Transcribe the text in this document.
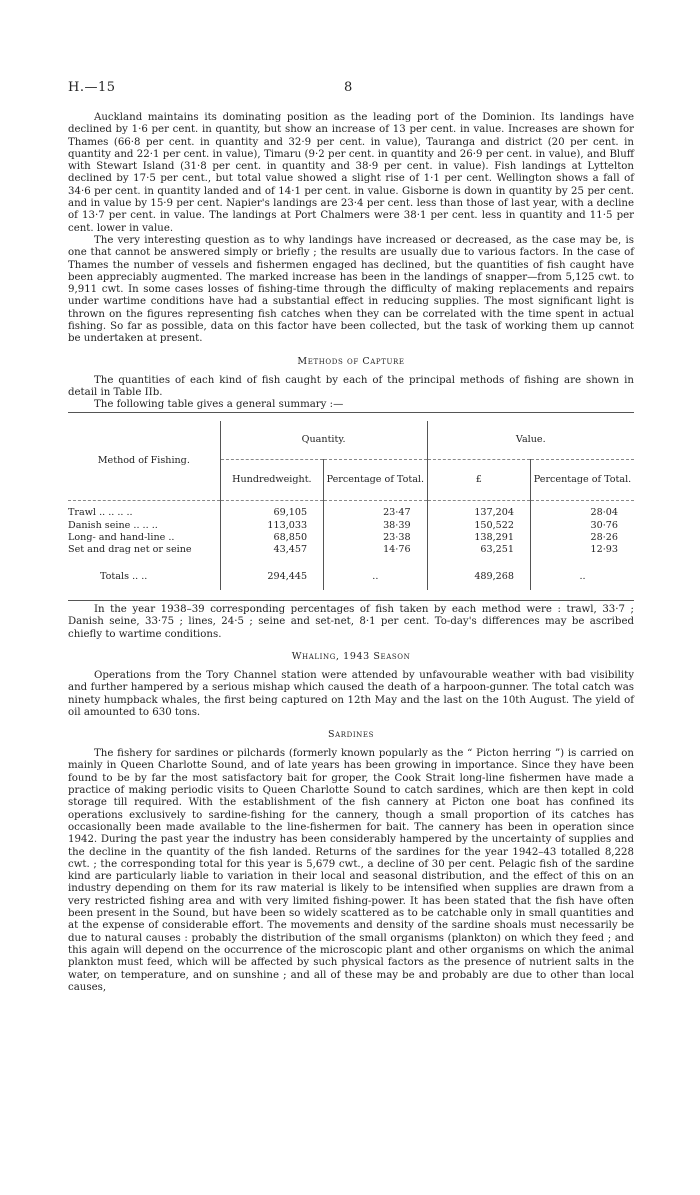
H.—15	8

Auckland maintains its dominating position as the leading port of the Dominion. Its landings have declined by 1·6 per cent. in quantity, but show an increase of 13 per cent. in value. Increases are shown for Thames (66·8 per cent. in quantity and 32·9 per cent. in value), Tauranga and district (20 per cent. in quantity and 22·1 per cent. in value), Timaru (9·2 per cent. in quantity and 26·9 per cent. in value), and Bluff with Stewart Island (31·8 per cent. in quantity and 38·9 per cent. in value). Fish landings at Lyttelton declined by 17·5 per cent., but total value showed a slight rise of 1·1 per cent. Wellington shows a fall of 34·6 per cent. in quantity landed and of 14·1 per cent. in value. Gisborne is down in quantity by 25 per cent. and in value by 15·9 per cent. Napier's landings are 23·4 per cent. less than those of last year, with a decline of 13·7 per cent. in value. The landings at Port Chalmers were 38·1 per cent. less in quantity and 11·5 per cent. lower in value.

The very interesting question as to why landings have increased or decreased, as the case may be, is one that cannot be answered simply or briefly ; the results are usually due to various factors. In the case of Thames the number of vessels and fishermen engaged has declined, but the quantities of fish caught have been appreciably augmented. The marked increase has been in the landings of snapper—from 5,125 cwt. to 9,911 cwt. In some cases losses of fishing-time through the difficulty of making replacements and repairs under wartime conditions have had a substantial effect in reducing supplies. The most significant light is thrown on the figures representing fish catches when they can be correlated with the time spent in actual fishing. So far as possible, data on this factor have been collected, but the task of working them up cannot be undertaken at present.

Methods of Capture

The quantities of each kind of fish caught by each of the principal methods of fishing are shown in detail in Table IIb.

The following table gives a general summary :—

Method of Fishing.	Quantity.		Value.	
	Hundredweight.	Percentage of Total.	£	Percentage of Total.
Trawl .. .. .. ..	69,105	23·47	137,204	28·04
Danish seine .. .. ..	113,033	38·39	150,522	30·76
Long- and hand-line ..	68,850	23·38	138,291	28·26
Set and drag net or seine	43,457	14·76	63,251	12·93
Totals .. ..	294,445	..	489,268	..

In the year 1938–39 corresponding percentages of fish taken by each method were : trawl, 33·7 ; Danish seine, 33·75 ; lines, 24·5 ; seine and set-net, 8·1 per cent. To-day's differences may be ascribed chiefly to wartime conditions.

Whaling, 1943 Season

Operations from the Tory Channel station were attended by unfavourable weather with bad visibility and further hampered by a serious mishap which caused the death of a harpoon-gunner. The total catch was ninety humpback whales, the first being captured on 12th May and the last on the 10th August. The yield of oil amounted to 630 tons.

Sardines

The fishery for sardines or pilchards (formerly known popularly as the “ Picton herring ”) is carried on mainly in Queen Charlotte Sound, and of late years has been growing in importance. Since they have been found to be by far the most satisfactory bait for groper, the Cook Strait long-line fishermen have made a practice of making periodic visits to Queen Charlotte Sound to catch sardines, which are then kept in cold storage till required. With the establishment of the fish cannery at Picton one boat has confined its operations exclusively to sardine-fishing for the cannery, though a small proportion of its catches has occasionally been made available to the line-fishermen for bait. The cannery has been in operation since 1942. During the past year the industry has been considerably hampered by the uncertainty of supplies and the decline in the quantity of the fish landed. Returns of the sardines for the year 1942–43 totalled 8,228 cwt. ; the corresponding total for this year is 5,679 cwt., a decline of 30 per cent. Pelagic fish of the sardine kind are particularly liable to variation in their local and seasonal distribution, and the effect of this on an industry depending on them for its raw material is likely to be intensified when supplies are drawn from a very restricted fishing area and with very limited fishing-power. It has been stated that the fish have often been present in the Sound, but have been so widely scattered as to be catchable only in small quantities and at the expense of considerable effort. The movements and density of the sardine shoals must necessarily be due to natural causes : probably the distribution of the small organisms (plankton) on which they feed ; and this again will depend on the occurrence of the microscopic plant and other organisms on which the animal plankton must feed, which will be affected by such physical factors as the presence of nutrient salts in the water, on temperature, and on sunshine ; and all of these may be and probably are due to other than local causes,
